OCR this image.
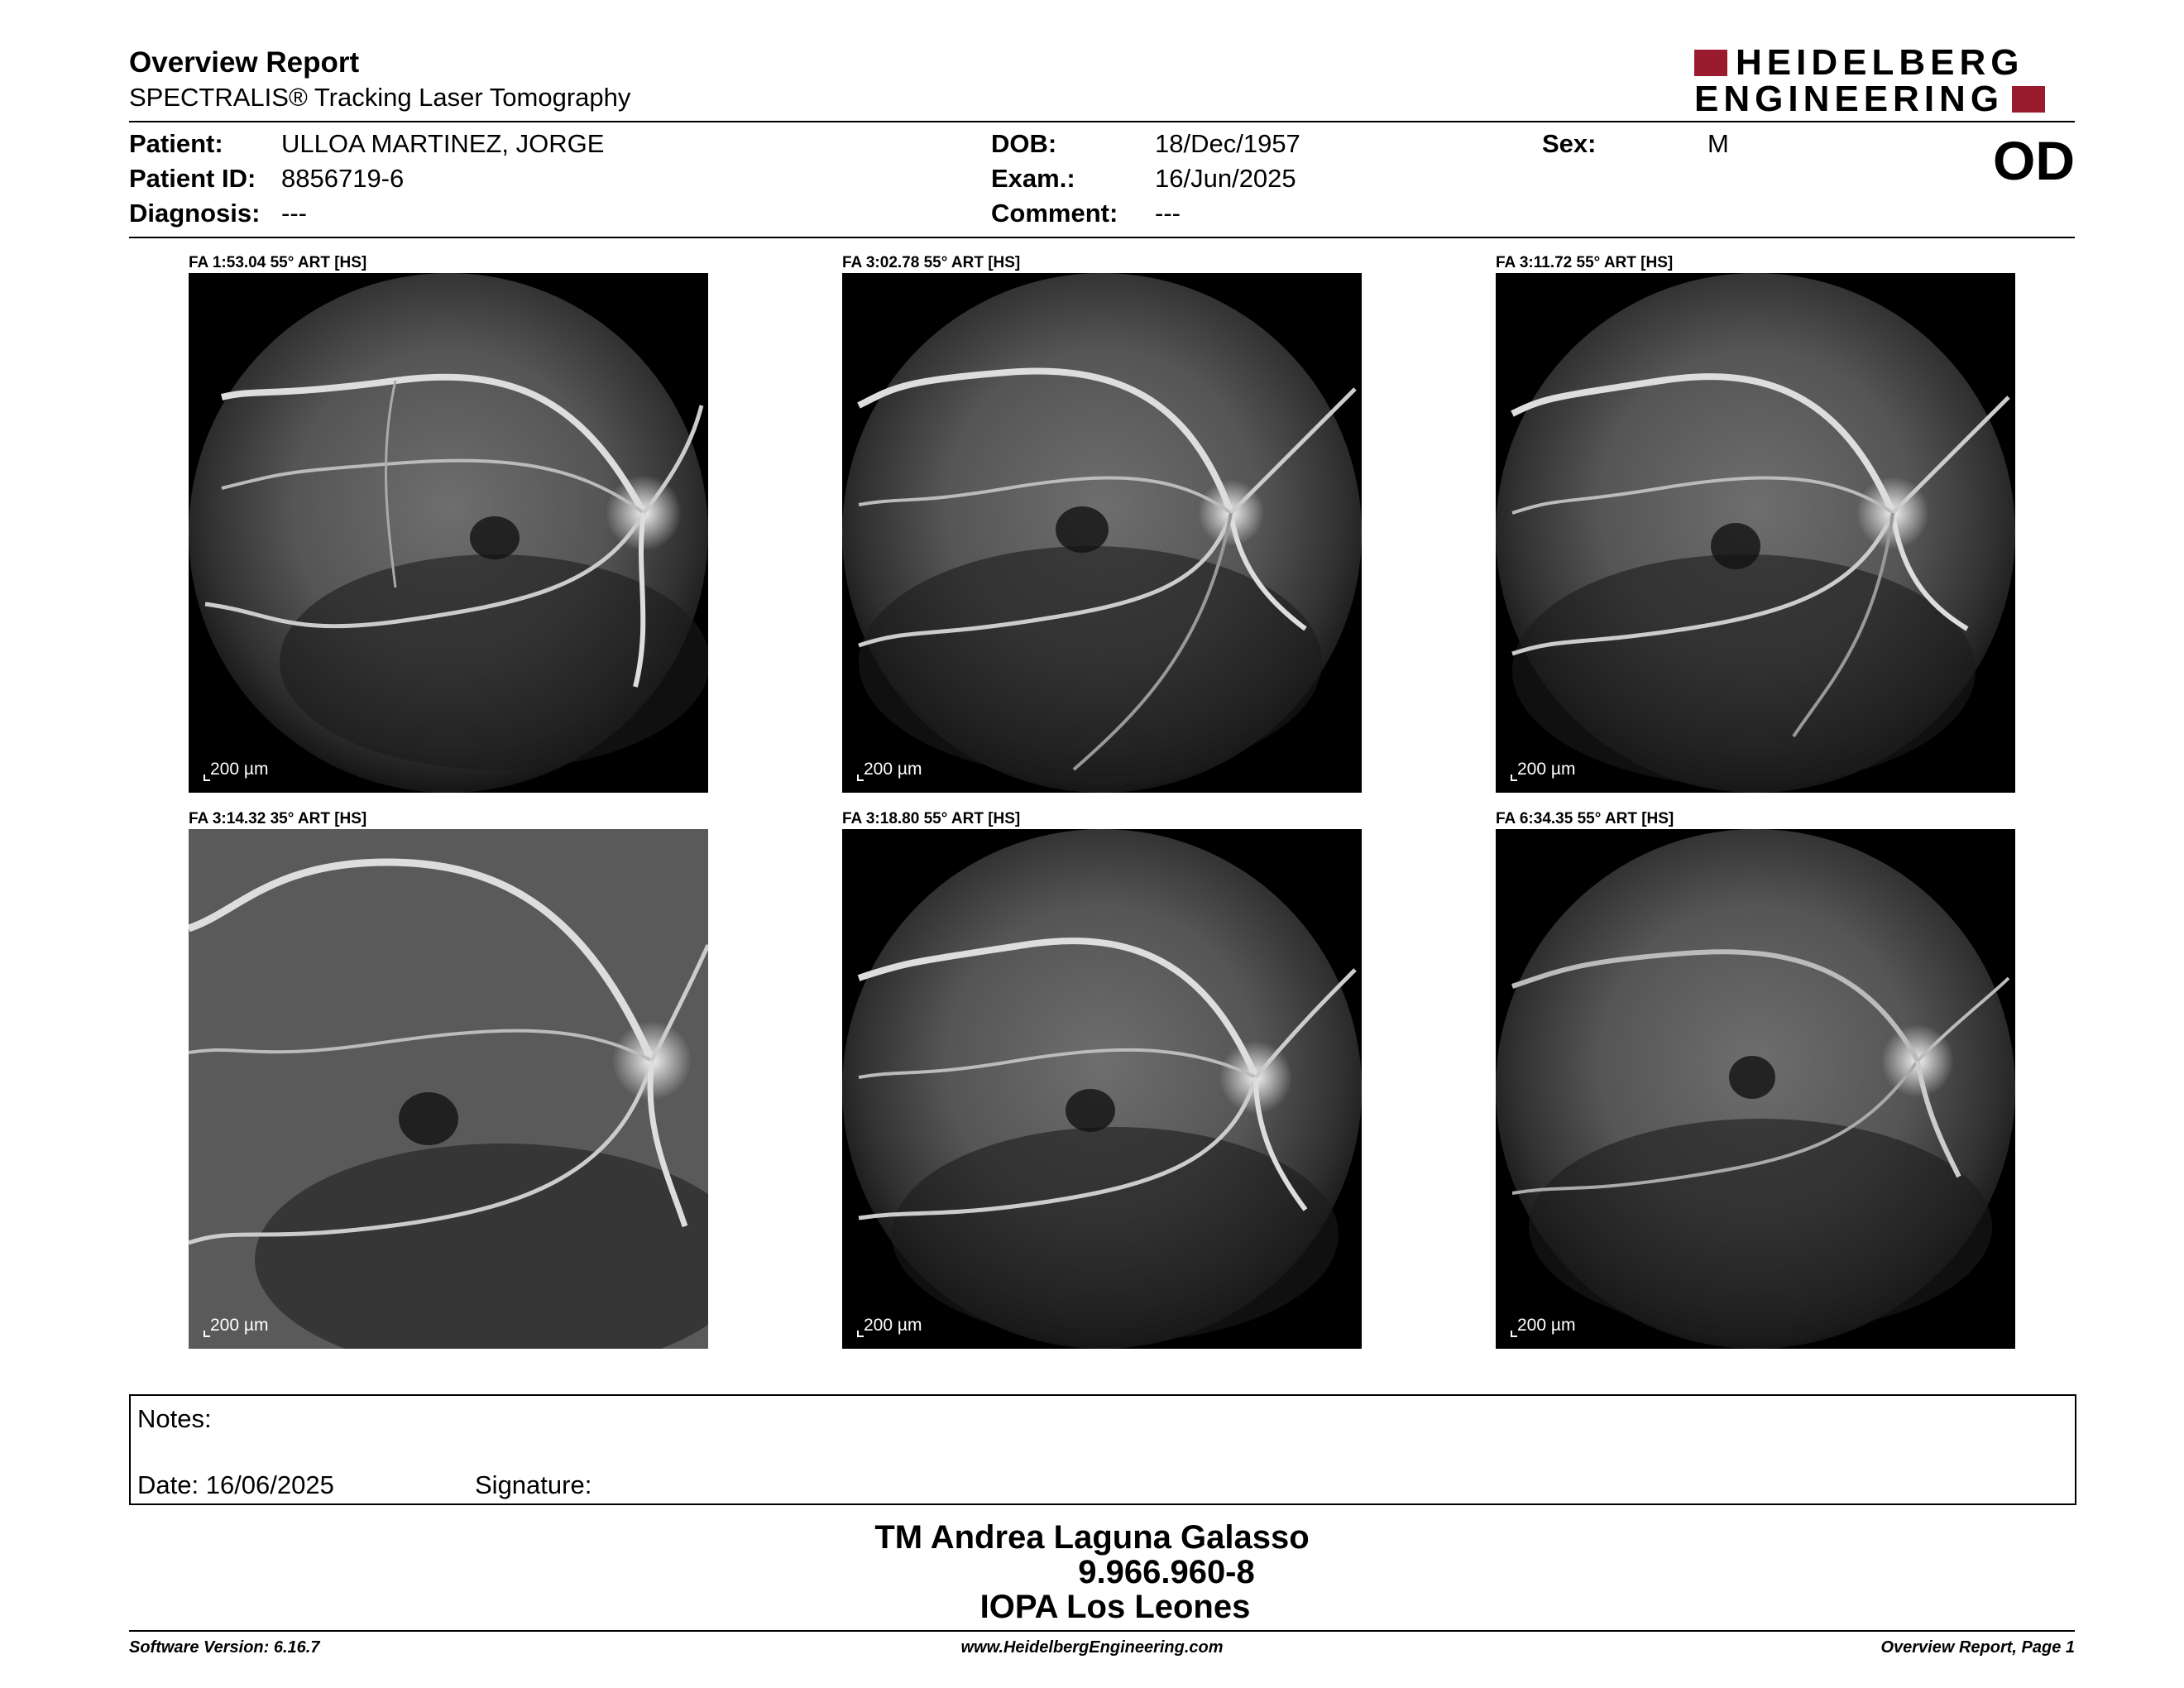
Overview Report
SPECTRALIS® Tracking Laser Tomography
HEIDELBERG
ENGINEERING
Patient: ULLOA MARTINEZ, JORGE
Patient ID: 8856719-6
Diagnosis: ---
DOB:	18/Dec/1957
Exam.:	16/Jun/2025
Comment: ---
Sex:	M	OD
FA 1:53.04 55° ART [HS]
200 µm
FA 3:02.78 55° ART [HS]
200 µm
FA 3:11.72 55° ART [HS]
200 µm
FA 3:14.32 35° ART [HS]
200 µm
FA 3:18.80 55° ART [HS]
200 µm
FA 6:34.35 55° ART [HS]
200 µm
Notes:
Date: 16/06/2025	Signature:
TM Andrea Laguna Galasso
9.966.960-8
IOPA Los Leones
Software Version: 6.16.7	www.HeidelbergEngineering.com	Overview Report, Page 1
